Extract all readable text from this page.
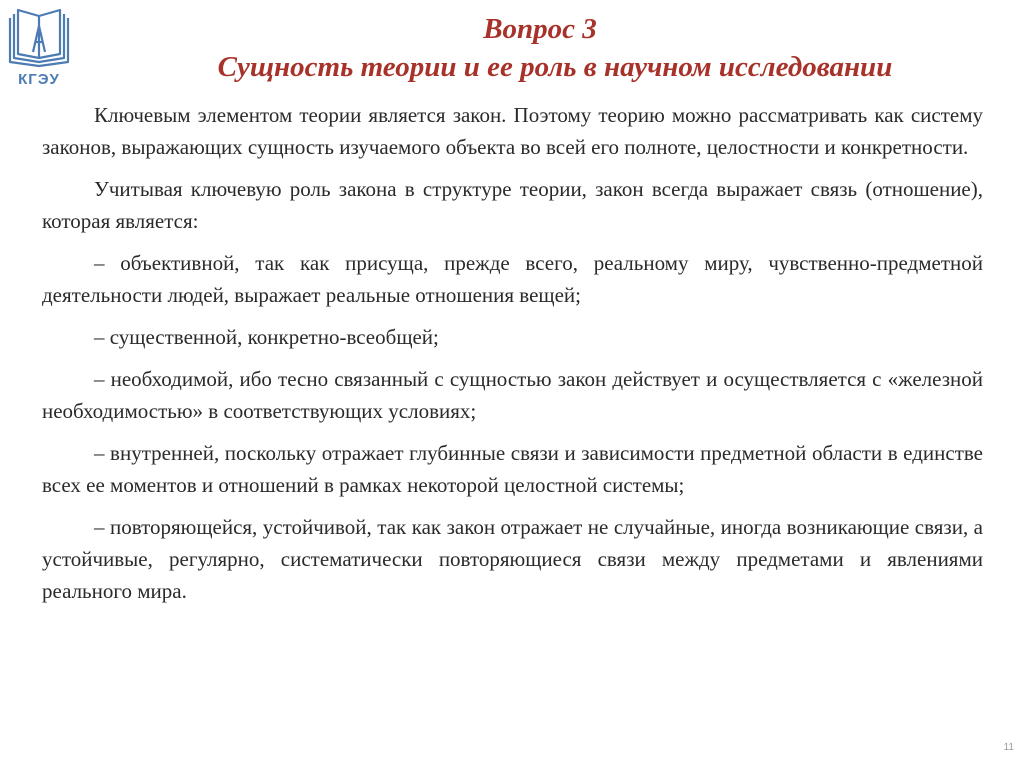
КГЭУ
Вопрос 3
Сущность теории и ее роль в научном исследовании

Ключевым элементом теории является закон. Поэтому теорию можно рассматривать как систему законов, выражающих сущность изучаемого объекта во всей его полноте, целостности и конкретности.

Учитывая ключевую роль закона в структуре теории, закон всегда выражает связь (отношение), которая является:

– объективной, так как присуща, прежде всего, реальному миру, чувственно-предметной деятельности людей, выражает реальные отношения вещей;

– существенной, конкретно-всеобщей;

– необходимой, ибо тесно связанный с сущностью закон действует и осуществляется с «железной необходимостью» в соответствующих условиях;

– внутренней, поскольку отражает глубинные связи и зависимости предметной области в единстве всех ее моментов и отношений в рамках некоторой целостной системы;

– повторяющейся, устойчивой, так как закон отражает не случайные, иногда возникающие связи, а устойчивые, регулярно, систематически повторяющиеся связи между предметами и явлениями реального мира.

11
